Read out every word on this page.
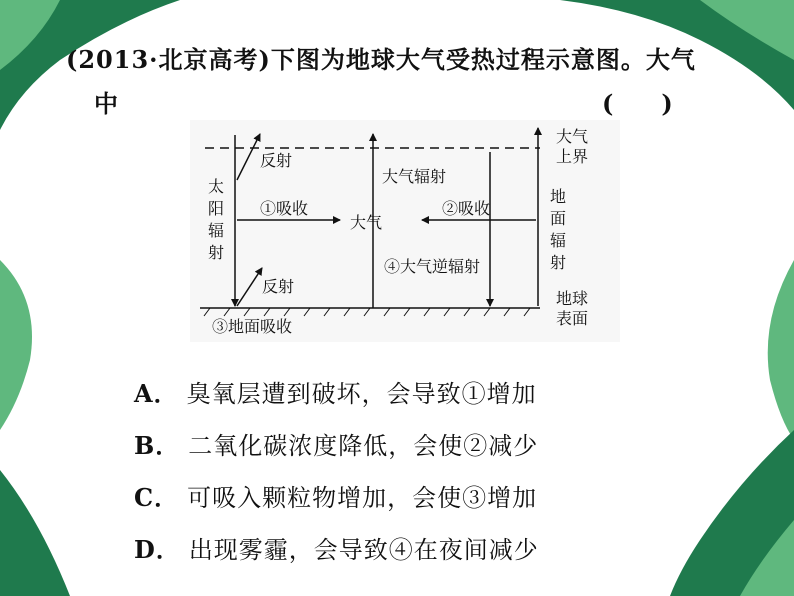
(2013·北京高考)下图为地球大气受热过程示意图。大气
中	(　　)
大气
上界
反射
大气辐射
太
阳
辐
射
①吸收
大气
②吸收
地
面
辐
射
④大气逆辐射
反射
地球
表面
③地面吸收
A． 臭氧层遭到破坏，会导致①增加
B． 二氧化碳浓度降低，会使②减少
C． 可吸入颗粒物增加，会使③增加
D． 出现雾霾，会导致④在夜间减少
